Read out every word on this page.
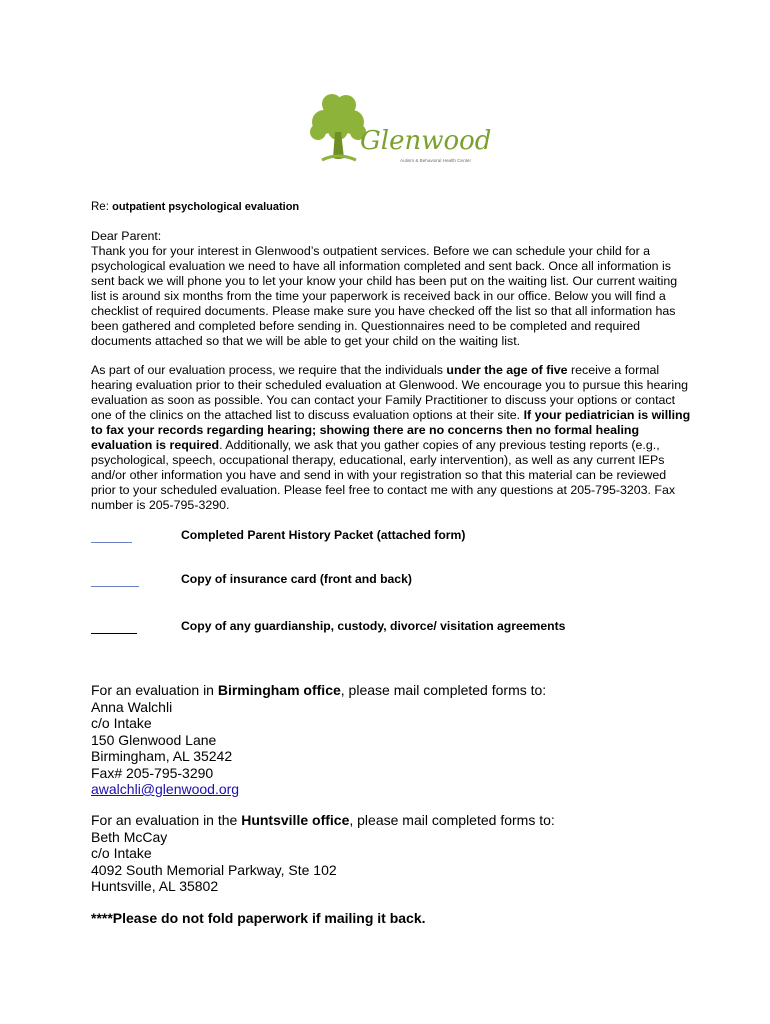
Glenwood
Autism & Behavioral Health Center
Re: outpatient psychological evaluation
Dear Parent:
Thank you for your interest in Glenwood’s outpatient services. Before we can schedule your child for a psychological evaluation we need to have all information completed and sent back. Once all information is sent back we will phone you to let your know your child has been put on the waiting list. Our current waiting list is around six months from the time your paperwork is received back in our office. Below you will find a checklist of required documents. Please make sure you have checked off the list so that all information has been gathered and completed before sending in. Questionnaires need to be completed and required documents attached so that we will be able to get your child on the waiting list.
As part of our evaluation process, we require that the individuals under the age of five receive a formal hearing evaluation prior to their scheduled evaluation at Glenwood. We encourage you to pursue this hearing evaluation as soon as possible. You can contact your Family Practitioner to discuss your options or contact one of the clinics on the attached list to discuss evaluation options at their site. If your pediatrician is willing to fax your records regarding hearing; showing there are no concerns then no formal healing evaluation is required. Additionally, we ask that you gather copies of any previous testing reports (e.g., psychological, speech, occupational therapy, educational, early intervention), as well as any current IEPs and/or other information you have and send in with your registration so that this material can be reviewed prior to your scheduled evaluation. Please feel free to contact me with any questions at 205-795-3203. Fax number is 205-795-3290.
Completed Parent History Packet (attached form)
Copy of insurance card (front and back)
Copy of any guardianship, custody, divorce/ visitation agreements
For an evaluation in Birmingham office, please mail completed forms to:
Anna Walchli
c/o Intake
150 Glenwood Lane
Birmingham, AL 35242
Fax# 205-795-3290
awalchli@glenwood.org
For an evaluation in the Huntsville office, please mail completed forms to:
Beth McCay
c/o Intake
4092 South Memorial Parkway, Ste 102
Huntsville, AL 35802
****Please do not fold paperwork if mailing it back.
